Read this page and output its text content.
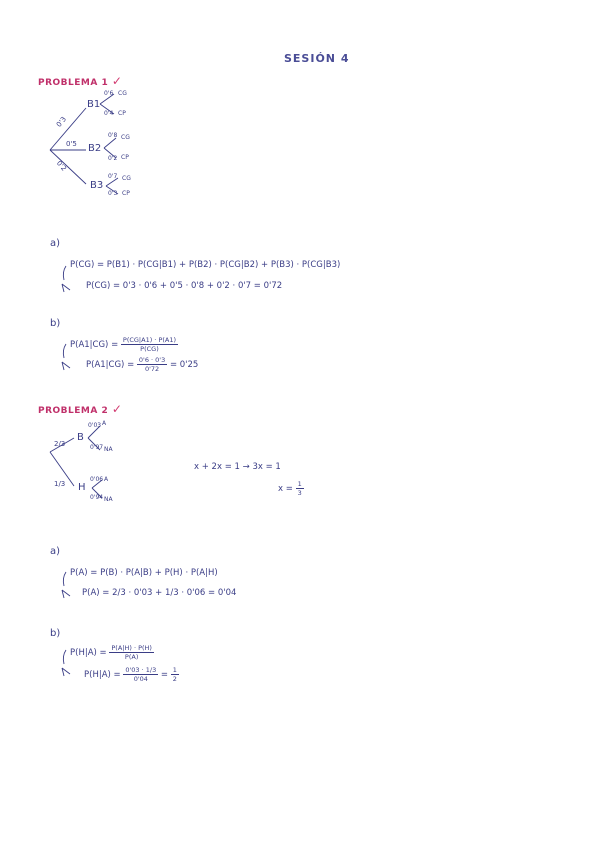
SESIÓN 4
PROBLEMA 1 ✓
0'3
0'5
0'2
B1
B2
B3
0'6 CG
0'4 CP
0'8 CG
0'2 CP
0'7 CG
0'3 CP
a)
P(CG) = P(B1) · P(CG|B1) + P(B2) · P(CG|B2) + P(B3) · P(CG|B3)
P(CG) = 0'3 · 0'6 + 0'5 · 0'8 + 0'2 · 0'7 = 0'72
b)
$P(A1|CG) = \frac{P(CG|A1) \cdot P(A1)}{P(CG)}$
$P(A1|CG) = \frac{0'6 \cdot 0'3}{0'72} = 0'25$
PROBLEMA 2 ✓
2/3
1/3
B
H
0'03 A
0'97 NA
0'06 A
0'94 NA
x + 2x = 1 → 3x = 1
$x = \frac{1}{3}$
a)
P(A) = P(B) · P(A|B) + P(H) · P(A|H)
P(A) = 2/3 · 0'03 + 1/3 · 0'06 = 0'04
b)
$P(H|A) = \frac{P(A|H) \cdot P(H)}{P(A)}$
$P(H|A) = \frac{0'03 \cdot 1/3}{0'04} = \frac{1}{2}$
